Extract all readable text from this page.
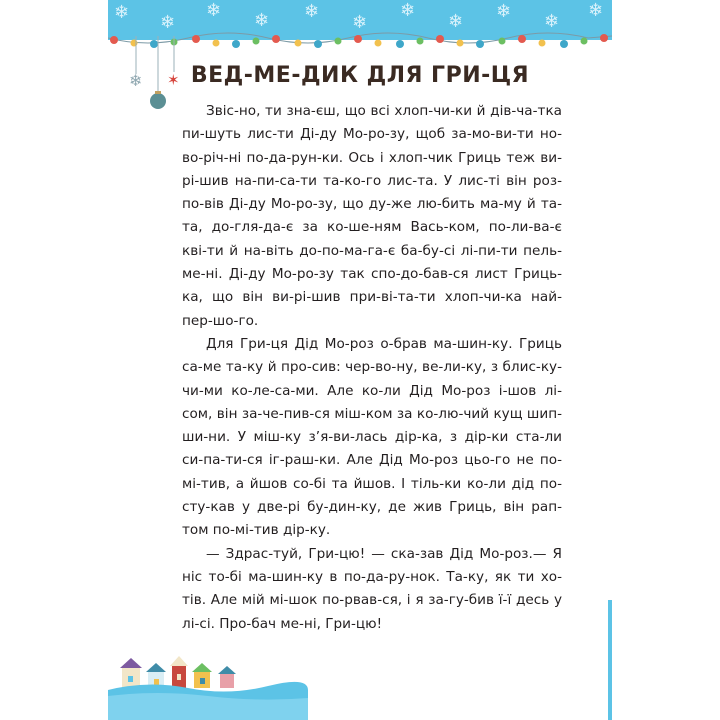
❄ ❄
❄ ❄ ❄
❄
❄
❄ ❄ ❄
❄
❄ ✶ ВЕД-МЕ-ДИК ДЛЯ ГРИ-ЦЯ

Звіс-но, ти зна-єш, що всі хлоп-чи-ки й дів-ча-тка пи-шуть лис-ти Ді-ду Мо-ро-зу, щоб за-мо-ви-ти но-во-річ-ні по-да-рун-ки. Ось і хлоп-чик Гриць теж ви-рі-шив на-пи-са-ти та-ко-го лис-та. У лис-ті він роз-по-вів Ді-ду Мо-ро-зу, що ду-же лю-бить ма-му й та-та, до-гля-да-є за ко-ше-ням Вась-ком, по-ли-ва-є кві-ти й на-віть до-по-ма-га-є ба-бу-сі лі-пи-ти пель-ме-ні. Ді-ду Мо-ро-зу так спо-до-бав-ся лист Гриць-ка, що він ви-рі-шив при-ві-та-ти хлоп-чи-ка най-пер-шо-го.

Для Гри-ця Дід Мо-роз о-брав ма-шин-ку. Гриць са-ме та-ку й про-сив: чер-во-ну, ве-ли-ку, з блис-ку-чи-ми ко-ле-са-ми. Але ко-ли Дід Мо-роз і-шов лі-сом, він за-че-пив-ся міш-ком за ко-лю-чий кущ шип-ши-ни. У міш-ку з’я-ви-лась дір-ка, з дір-ки ста-ли си-па-ти-ся іг-раш-ки. Але Дід Мо-роз цьо-го не по-мі-тив, а йшов со-бі та йшов. І тіль-ки ко-ли дід по-сту-кав у две-рі бу-дин-ку, де жив Гриць, він рап-том по-мі-тив дір-ку.

— Здрас-туй, Гри-цю! — ска-зав Дід Мо-роз.— Я ніс то-бі ма-шин-ку в по-да-ру-нок. Та-ку, як ти хо-тів. Але мій мі-шок по-рвав-ся, і я за-гу-бив ї-ї десь у лі-сі. Про-бач ме-ні, Гри-цю!
